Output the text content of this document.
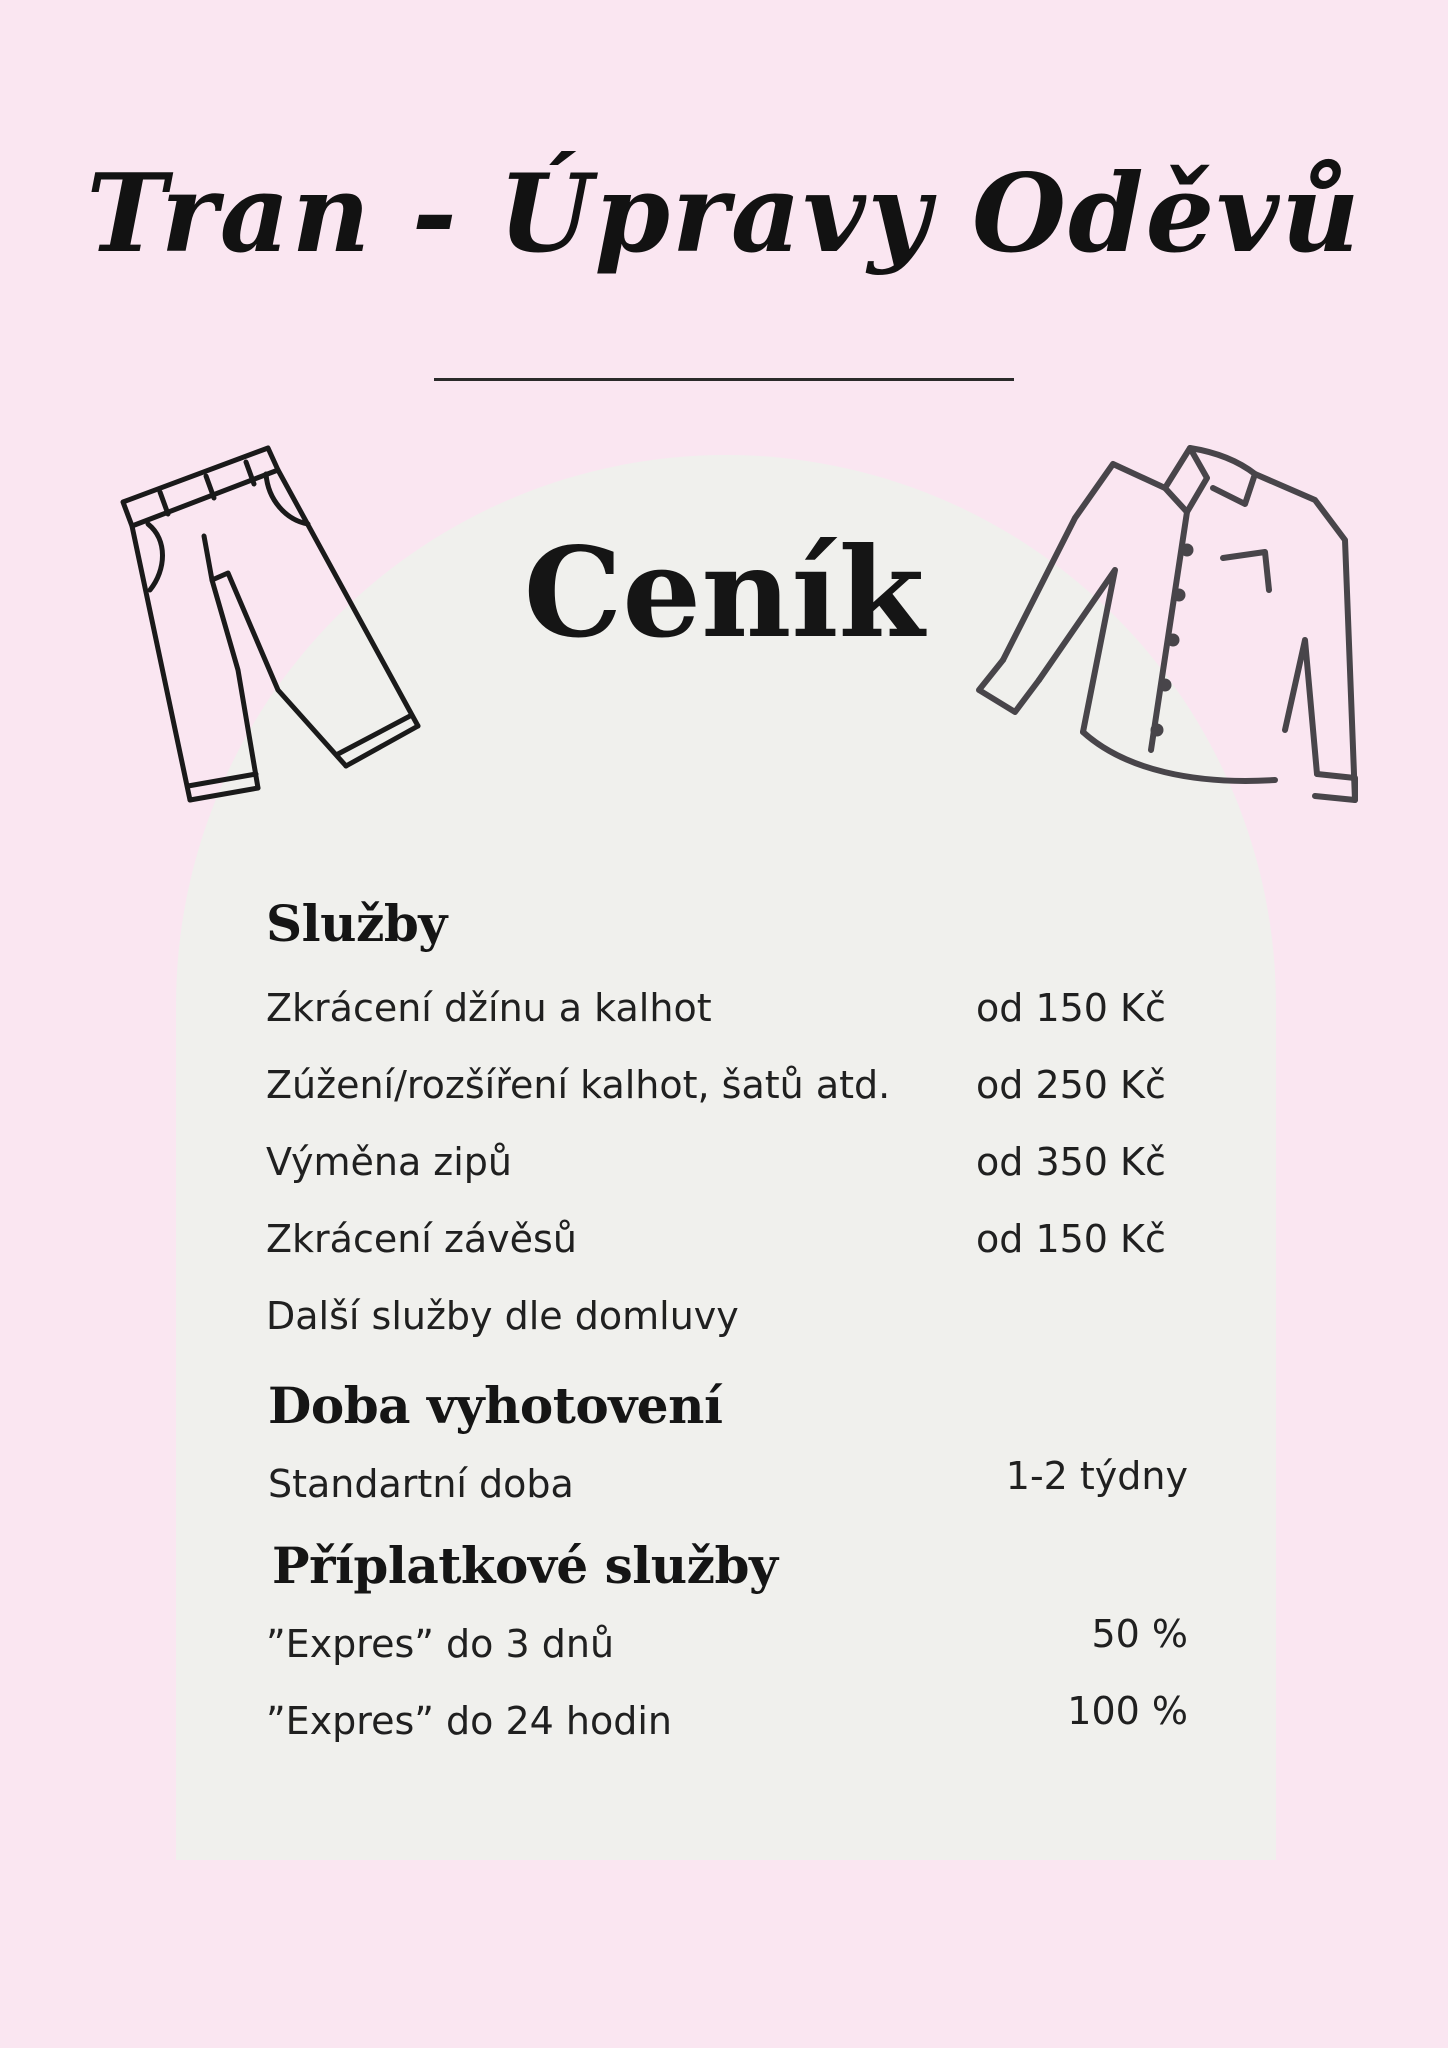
Tran - Úpravy Oděvů
Ceník
Služby
Zkrácení džínu a kalhot	od 150 Kč
Zúžení/rozšíření kalhot, šatů atd. od 250 Kč
Výměna zipů	od 350 Kč
Zkrácení závěsů	od 150 Kč
Další služby dle domluvy
Doba vyhotovení
Standartní doba	1-2 týdny
Příplatkové služby
”Expres” do 3 dnů	50 %
”Expres” do 24 hodin	100 %
